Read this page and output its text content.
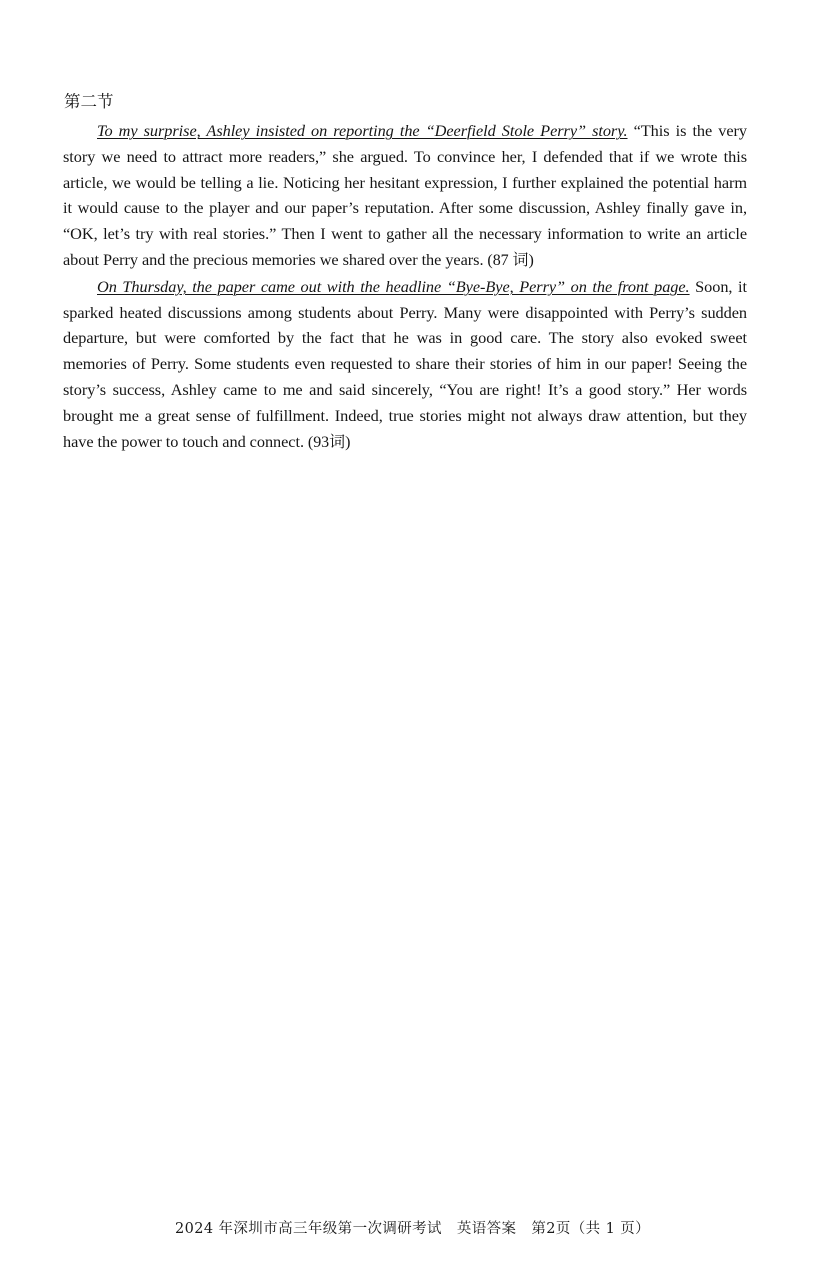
第二节

To my surprise, Ashley insisted on reporting the “Deerfield Stole Perry” story. “This is the very story we need to attract more readers,” she argued. To convince her, I defended that if we wrote this article, we would be telling a lie. Noticing her hesitant expression, I further explained the potential harm it would cause to the player and our paper’s reputation. After some discussion, Ashley finally gave in, “OK, let’s try with real stories.” Then I went to gather all the necessary information to write an article about Perry and the precious memories we shared over the years. (87 词)

On Thursday, the paper came out with the headline “Bye-Bye, Perry” on the front page. Soon, it sparked heated discussions among students about Perry. Many were disappointed with Perry’s sudden departure, but were comforted by the fact that he was in good care. The story also evoked sweet memories of Perry. Some students even requested to share their stories of him in our paper! Seeing the story’s success, Ashley came to me and said sincerely, “You are right! It’s a good story.” Her words brought me a great sense of fulfillment. Indeed, true stories might not always draw attention, but they have the power to touch and connect. (93词)

2024 年深圳市高三年级第一次调研考试　英语答案　第2页（共 1 页）
